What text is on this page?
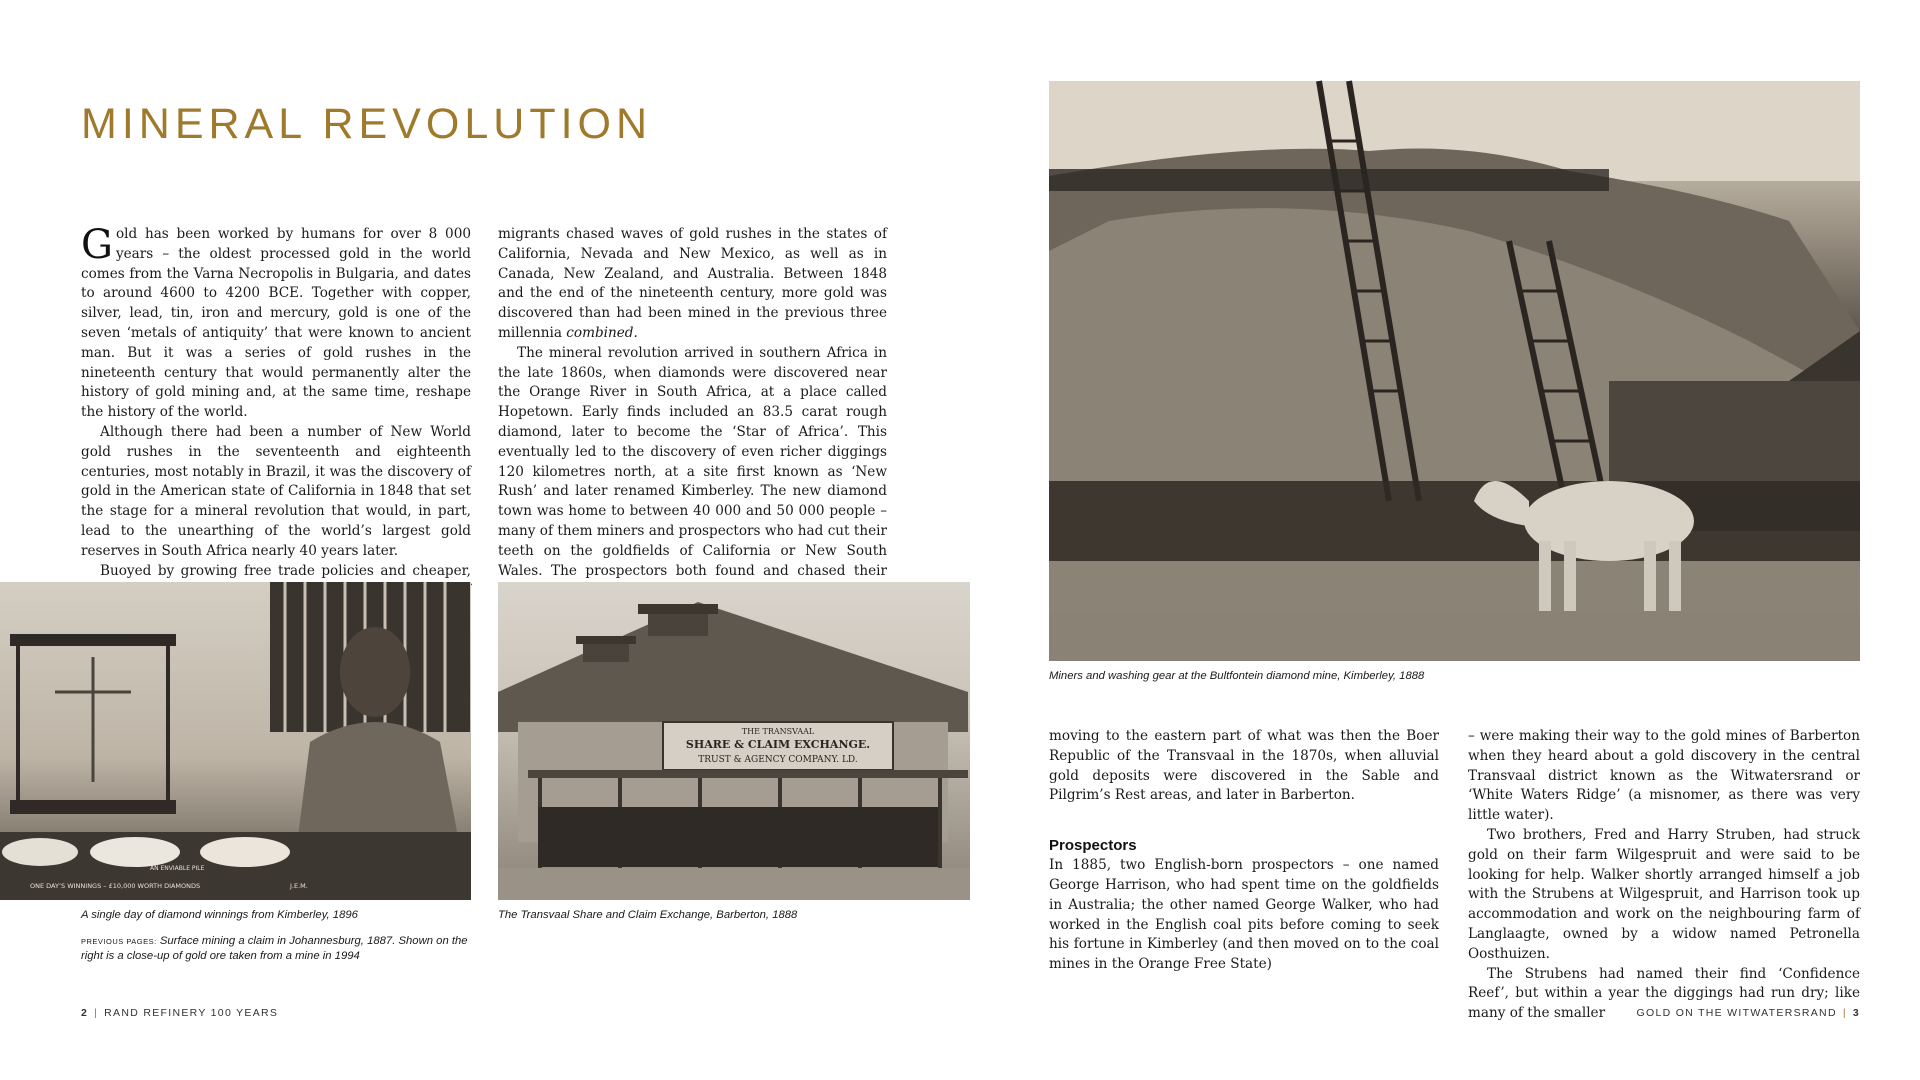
MINERAL REVOLUTION

Gold has been worked by humans for over 8 000 years – the oldest processed gold in the world comes from the Varna Necropolis in Bulgaria, and dates to around 4600 to 4200 BCE. Together with copper, silver, lead, tin, iron and mercury, gold is one of the seven ‘metals of antiquity’ that were known to ancient man. But it was a series of gold rushes in the nineteenth century that would permanently alter the history of gold mining and, at the same time, reshape the history of the world.

Although there had been a number of New World gold rushes in the seventeenth and eighteenth centuries, most notably in Brazil, it was the discovery of gold in the American state of California in 1848 that set the stage for a mineral revolution that would, in part, lead to the unearthing of the world’s largest gold reserves in South Africa nearly 40 years later.

Buoyed by growing free trade policies and cheaper,

migrants chased waves of gold rushes in the states of California, Nevada and New Mexico, as well as in Canada, New Zealand, and Australia. Between 1848 and the end of the nineteenth century, more gold was discovered than had been mined in the previous three millennia combined.

The mineral revolution arrived in southern Africa in the late 1860s, when diamonds were discovered near the Orange River in South Africa, at a place called Hopetown. Early finds included an 83.5 carat rough diamond, later to become the ‘Star of Africa’. This eventually led to the discovery of even richer diggings 120 kilometres north, at a site first known as ‘New Rush’ and later renamed Kimberley. The new diamond town was home to between 40 000 and 50 000 people – many of them miners and prospectors who had cut their teeth on the goldfields of California or New South Wales. The prospectors both found and chased their

AN ENVIABLE PILE
ONE DAY’S WINNINGS – £10,000 WORTH DIAMONDS	J.E.M.
THE TRANSVAAL
SHARE & CLAIM EXCHANGE.
TRUST & AGENCY COMPANY. LD.
A single day of diamond winnings from Kimberley, 1896	The Transvaal Share and Claim Exchange, Barberton, 1888
PREVIOUS PAGES: Surface mining a claim in Johannesburg, 1887. Shown on the right is a close-up of gold ore taken from a mine in 1994
Miners and washing gear at the Bultfontein diamond mine, Kimberley, 1888

moving to the eastern part of what was then the Boer Republic of the Transvaal in the 1870s, when alluvial gold deposits were discovered in the Sable and Pilgrim’s Rest areas, and later in Barberton.

Prospectors

In 1885, two English-born prospectors – one named George Harrison, who had spent time on the goldfields in Australia; the other named George Walker, who had worked in the English coal pits before coming to seek his fortune in Kimberley (and then moved on to the coal mines in the Orange Free State)

– were making their way to the gold mines of Barberton when they heard about a gold discovery in the central Transvaal district known as the Witwatersrand or ‘White Waters Ridge’ (a misnomer, as there was very little water).

Two brothers, Fred and Harry Struben, had struck gold on their farm Wilgespruit and were said to be looking for help. Walker shortly arranged himself a job with the Strubens at Wilgespruit, and Harrison took up accommodation and work on the neighbouring farm of Langlaagte, owned by a widow named Petronella Oosthuizen.

The Strubens had named their find ‘Confidence Reef’, but within a year the diggings had run dry; like many of the smaller

2 | RAND REFINERY 100 YEARS	GOLD ON THE WITWATERSRAND | 3
